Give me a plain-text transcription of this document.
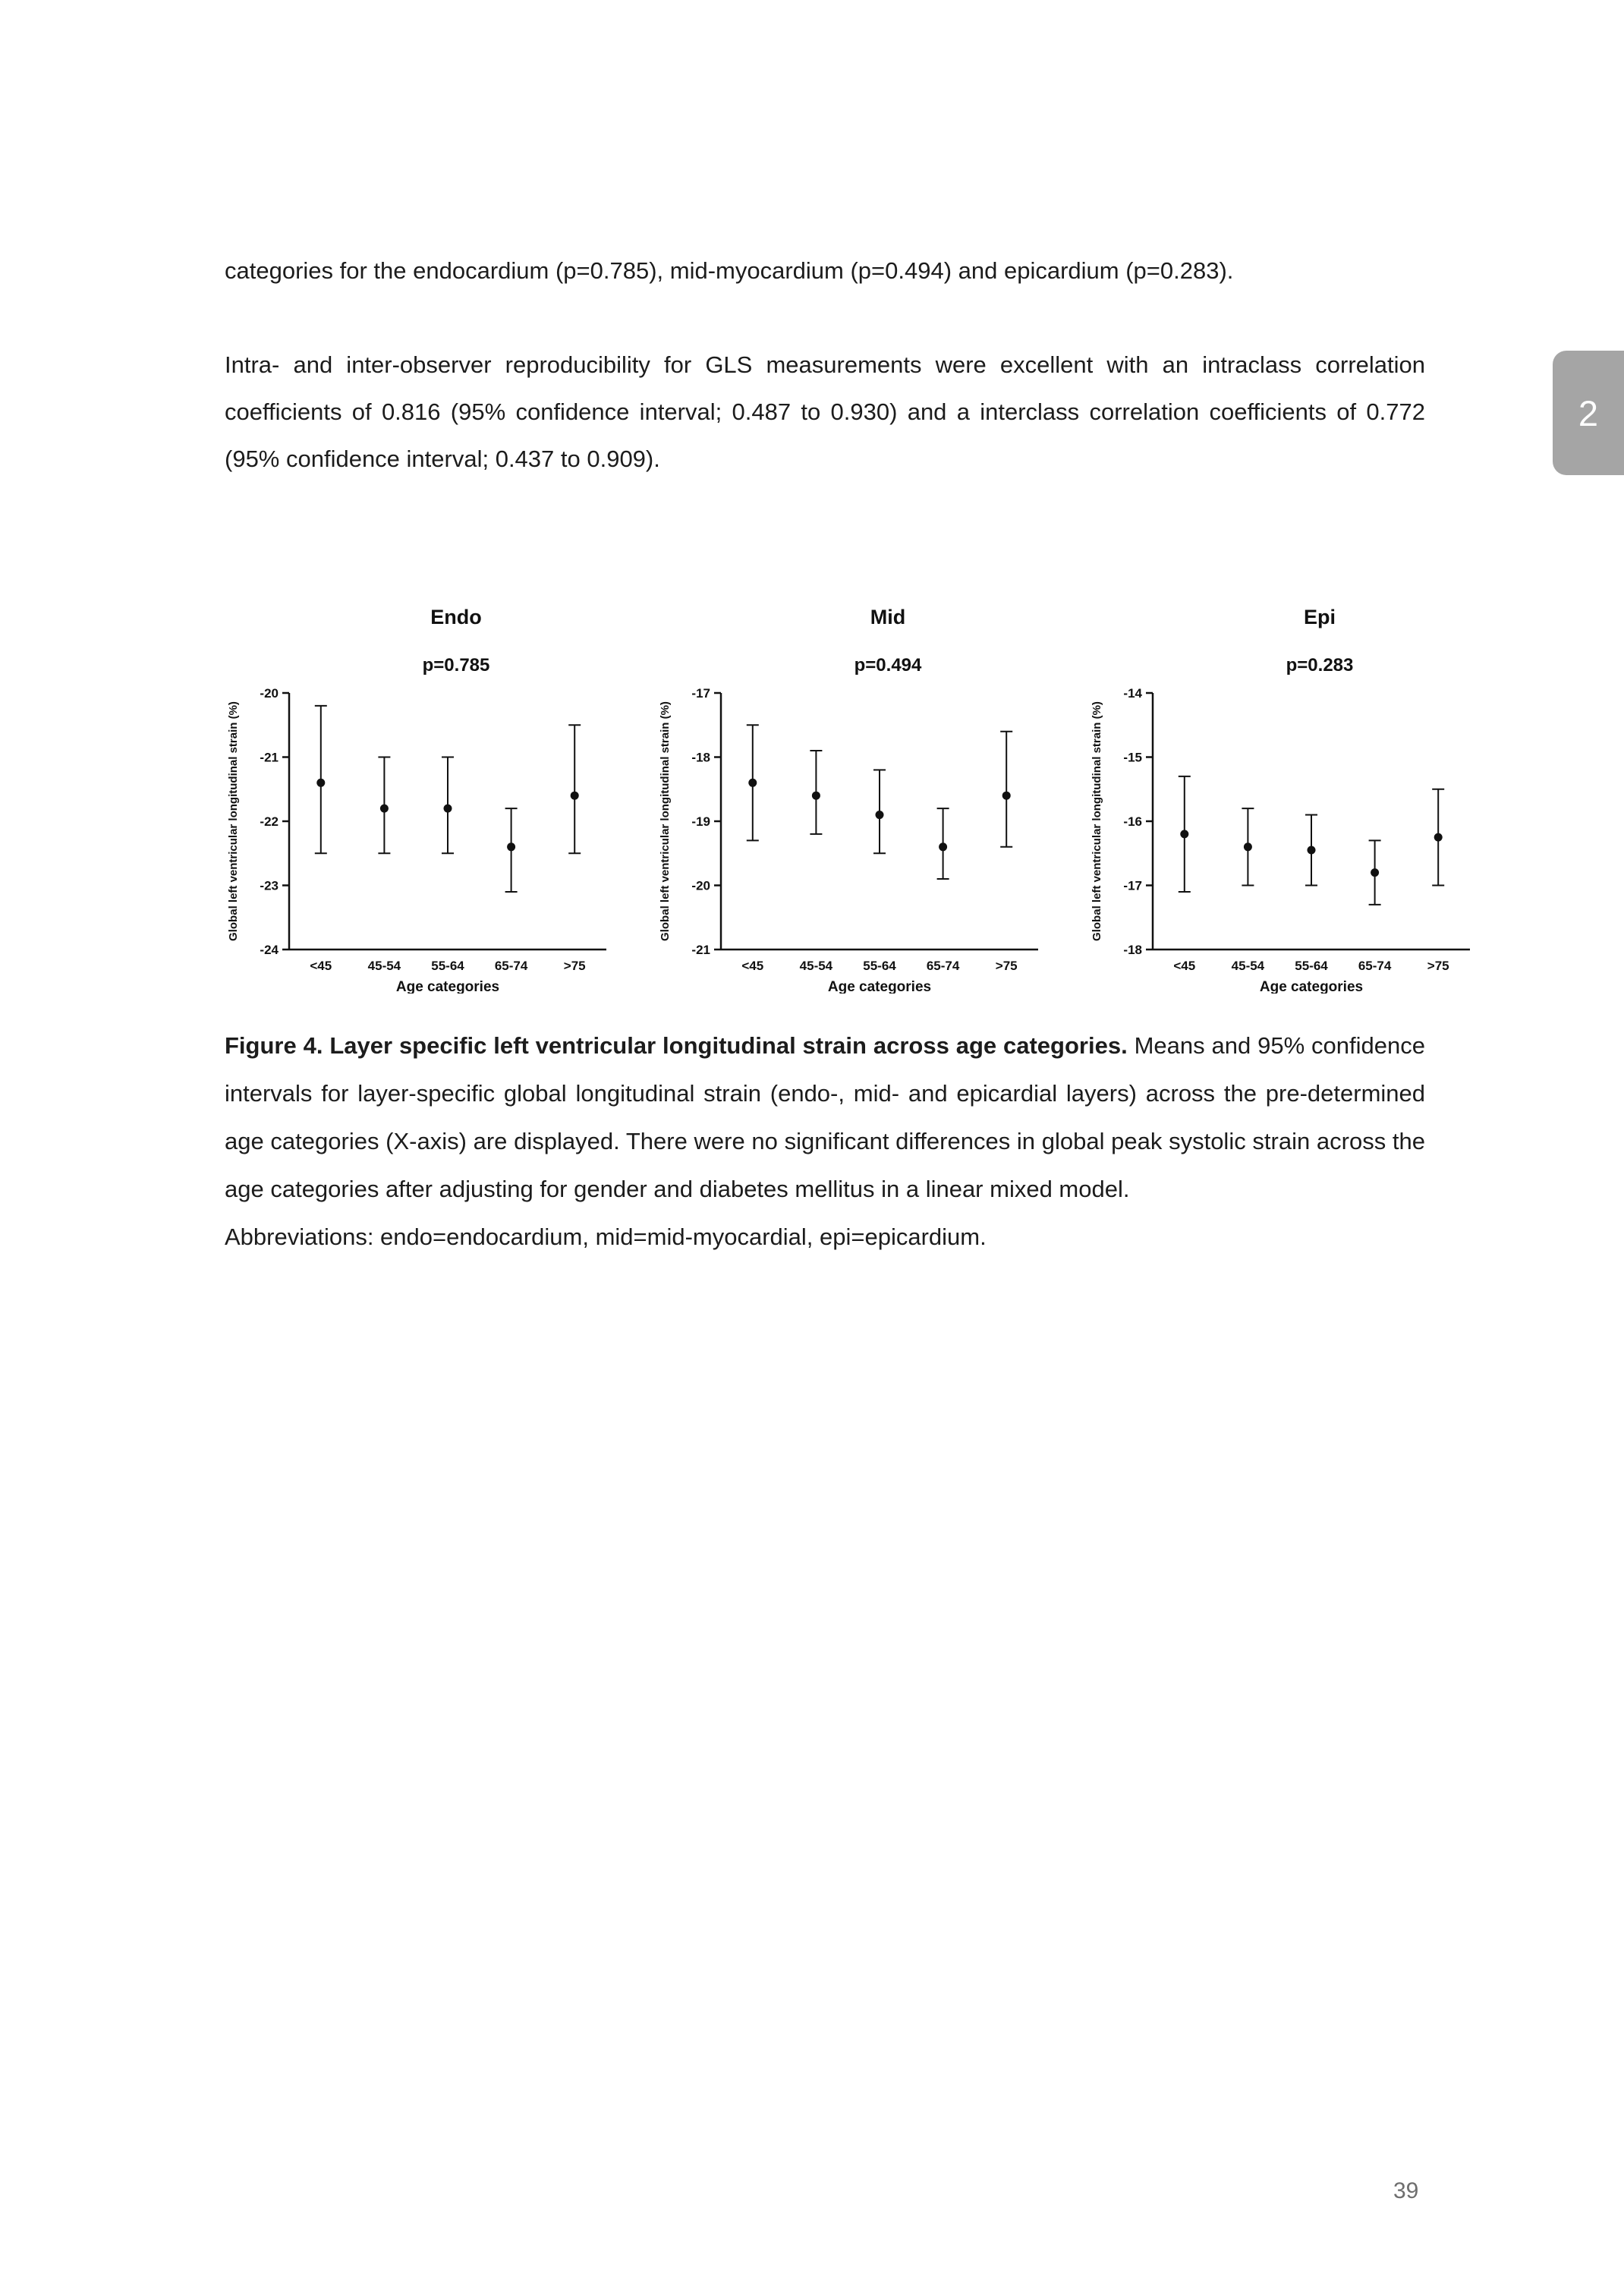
categories for the endocardium (p=0.785), mid-myocardium (p=0.494) and epicardium (p=0.283).

Intra- and inter-observer reproducibility for GLS measurements were excellent with an intraclass correlation coefficients of 0.816 (95% confidence interval; 0.487 to 0.930) and a interclass correlation coefficients of 0.772 (95% confidence interval; 0.437 to 0.909).

2
Endo
p=0.785
Global left ventricular longitudinal strain (%)
-20
-21
-22
-23
-24
<45	45-54 55-64 65-74	>75
Age categories
Mid
p=0.494
Global left ventricular longitudinal strain (%)
-17
-18
-19
-20
-21
<45	45-54 55-64 65-74	>75
Age categories
Epi
p=0.283
Global left ventricular longitudinal strain (%)
-14
-15
-16
-17
-18
<45	45-54 55-64 65-74	>75
Age categories

Figure 4. Layer specific left ventricular longitudinal strain across age categories. Means and 95% confidence intervals for layer-specific global longitudinal strain (endo-, mid- and epicardial layers) across the pre-determined age categories (X-axis) are displayed. There were no significant differences in global peak systolic strain across the age categories after adjusting for gender and diabetes mellitus in a linear mixed model.

Abbreviations: endo=endocardium, mid=mid-myocardial, epi=epicardium.

39
